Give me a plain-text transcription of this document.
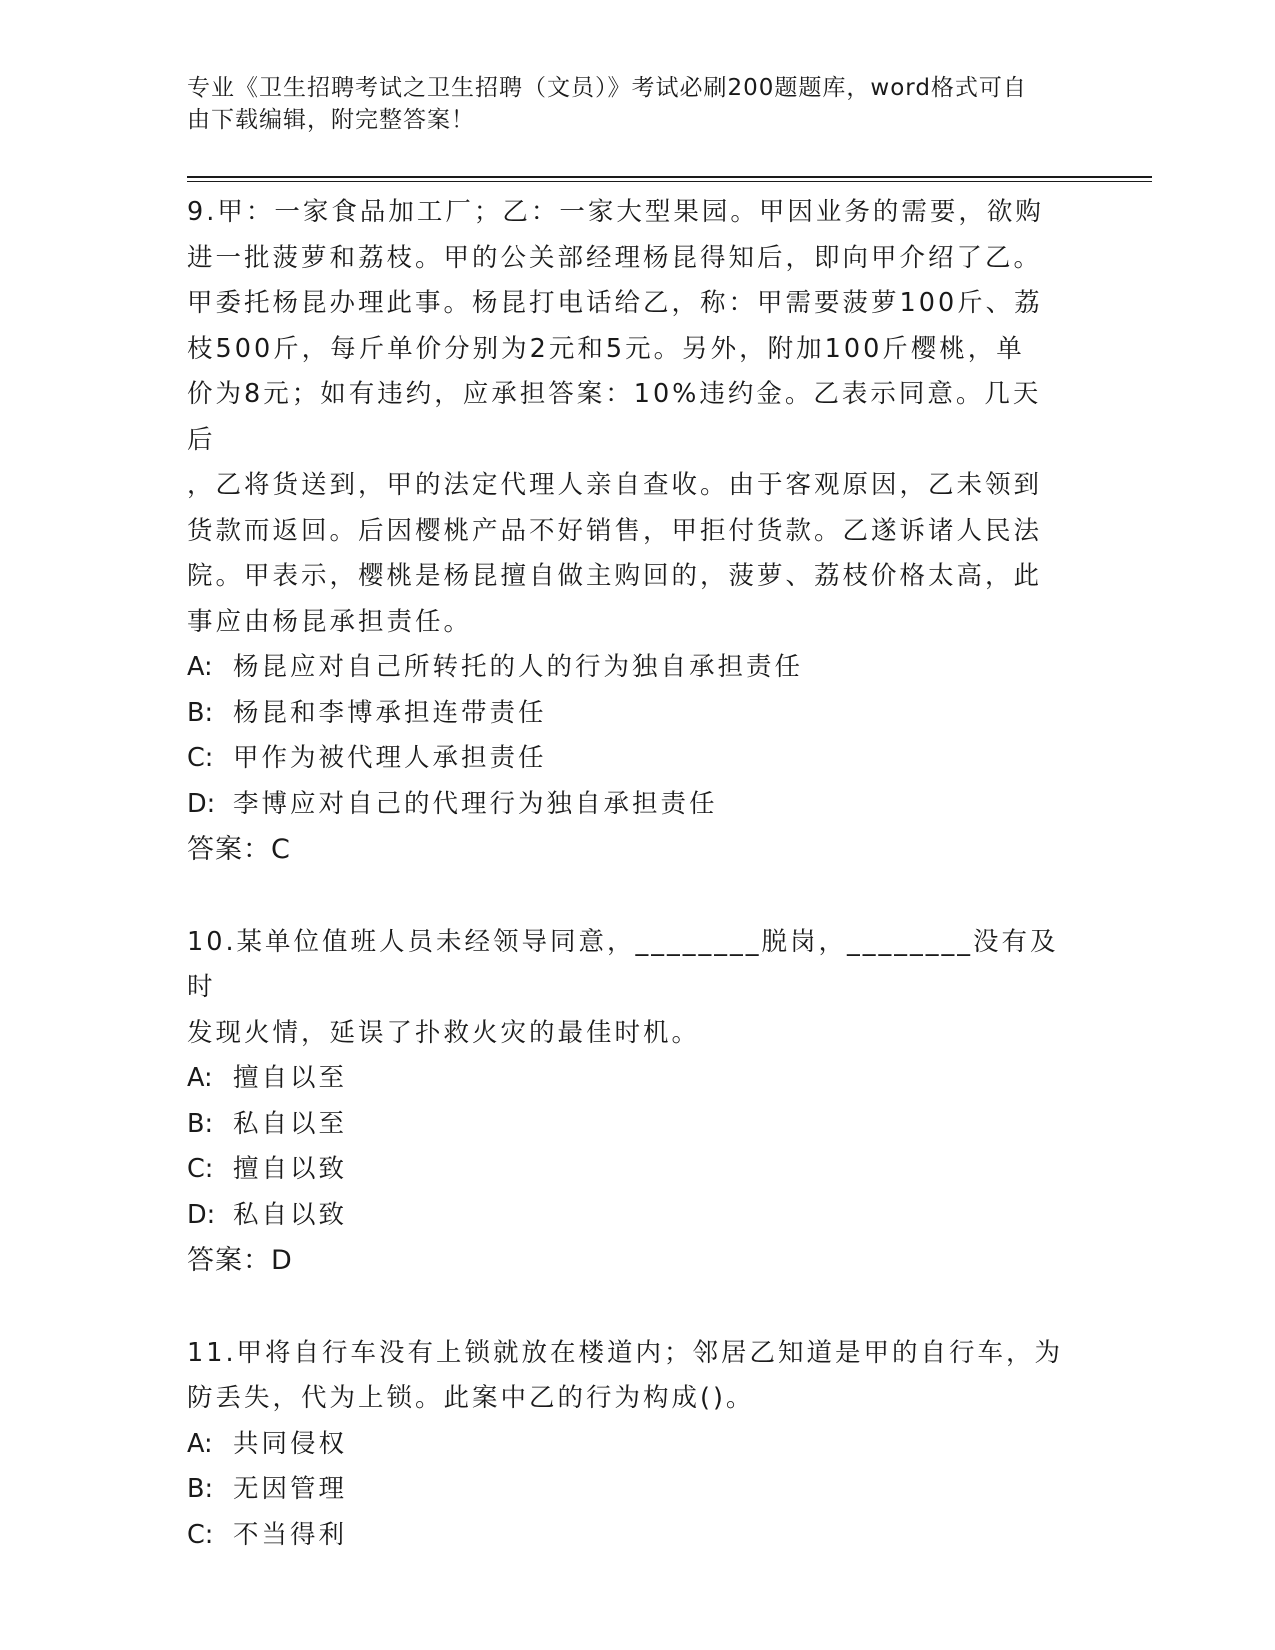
专业《卫生招聘考试之卫生招聘（文员）》考试必刷200题题库，word格式可自
由下载编辑，附完整答案！
9.甲：一家食品加工厂；乙：一家大型果园。甲因业务的需要，欲购
进一批菠萝和荔枝。甲的公关部经理杨昆得知后，即向甲介绍了乙。
甲委托杨昆办理此事。杨昆打电话给乙，称：甲需要菠萝100斤、荔
枝500斤，每斤单价分别为2元和5元。另外，附加100斤樱桃，单
价为8元；如有违约，应承担答案：10%违约金。乙表示同意。几天后
，乙将货送到，甲的法定代理人亲自查收。由于客观原因，乙未领到
货款而返回。后因樱桃产品不好销售，甲拒付货款。乙遂诉诸人民法
院。甲表示，樱桃是杨昆擅自做主购回的，菠萝、荔枝价格太高，此
事应由杨昆承担责任。
A: 杨昆应对自己所转托的人的行为独自承担责任
B: 杨昆和李博承担连带责任
C: 甲作为被代理人承担责任
D: 李博应对自己的代理行为独自承担责任
答案：C
10.某单位值班人员未经领导同意，________脱岗，________没有及时
发现火情，延误了扑救火灾的最佳时机。
A: 擅自以至
B: 私自以至
C: 擅自以致
D: 私自以致
答案：D
11.甲将自行车没有上锁就放在楼道内；邻居乙知道是甲的自行车，为
防丢失，代为上锁。此案中乙的行为构成()。
A: 共同侵权
B: 无因管理
C: 不当得利
